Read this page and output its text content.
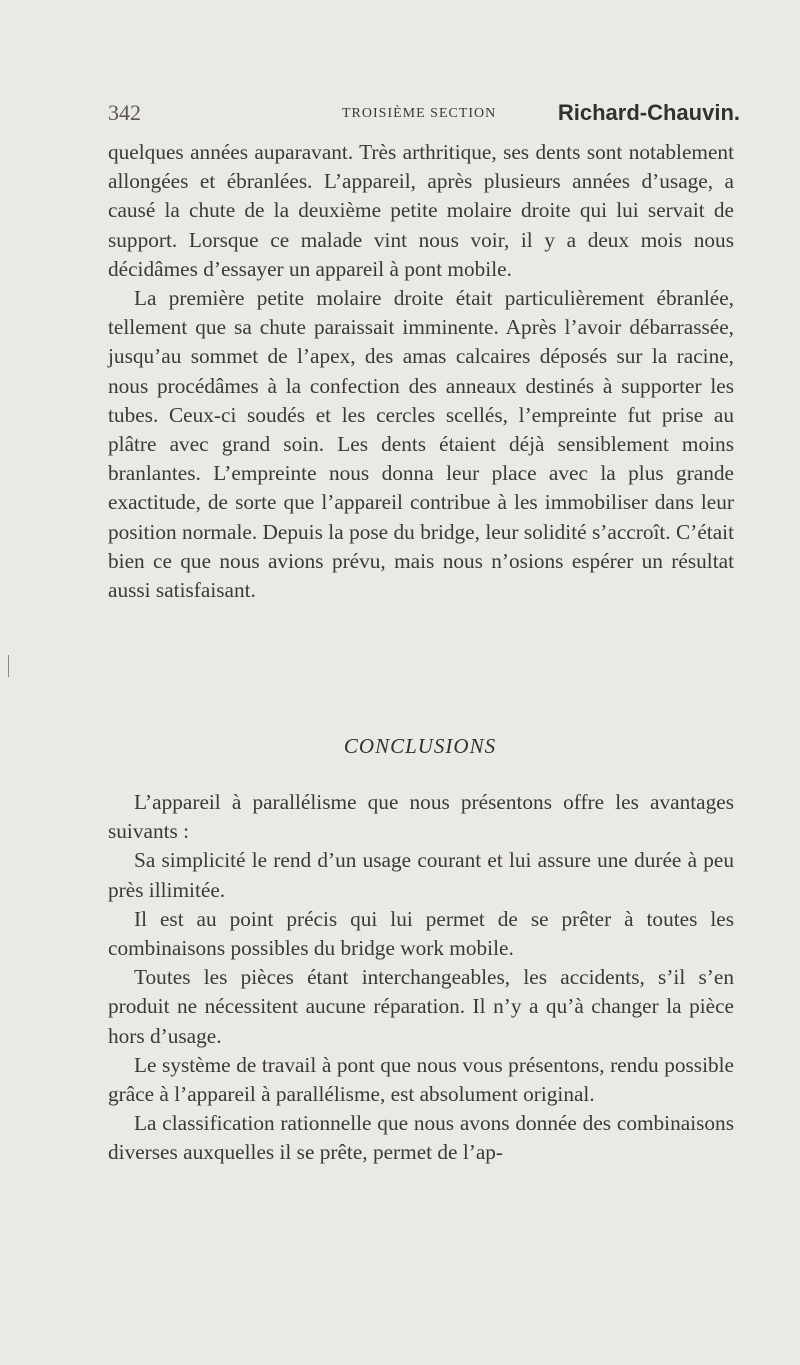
342	TROISIÈME SECTION	Richard-Chauvin.

quelques années auparavant. Très arthritique, ses dents sont notablement allongées et ébranlées. L’appareil, après plusieurs années d’usage, a causé la chute de la deuxième petite molaire droite qui lui servait de support. Lorsque ce malade vint nous voir, il y a deux mois nous décidâmes d’essayer un appareil à pont mobile.

La première petite molaire droite était particulièrement ébranlée, tellement que sa chute paraissait imminente. Après l’avoir débarrassée, jusqu’au sommet de l’apex, des amas calcaires déposés sur la racine, nous procédâmes à la confection des anneaux destinés à supporter les tubes. Ceux-ci soudés et les cercles scellés, l’empreinte fut prise au plâtre avec grand soin. Les dents étaient déjà sensiblement moins branlantes. L’empreinte nous donna leur place avec la plus grande exactitude, de sorte que l’appareil contribue à les immobiliser dans leur position normale. Depuis la pose du bridge, leur solidité s’accroît. C’était bien ce que nous avions prévu, mais nous n’osions espérer un résultat aussi satisfaisant.

CONCLUSIONS

L’appareil à parallélisme que nous présentons offre les avantages suivants :

Sa simplicité le rend d’un usage courant et lui assure une durée à peu près illimitée.

Il est au point précis qui lui permet de se prêter à toutes les combinaisons possibles du bridge work mobile.

Toutes les pièces étant interchangeables, les accidents, s’il s’en produit ne nécessitent aucune réparation. Il n’y a qu’à changer la pièce hors d’usage.

Le système de travail à pont que nous vous présentons, rendu possible grâce à l’appareil à parallélisme, est absolument original.

La classification rationnelle que nous avons donnée des combinaisons diverses auxquelles il se prête, permet de l’ap-
